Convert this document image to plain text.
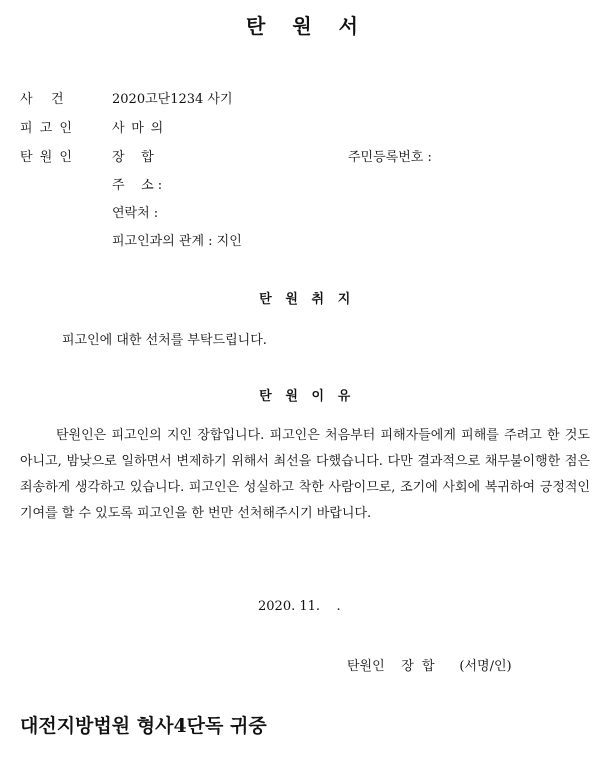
탄 원 서
사 건	2020고단1234 사기
피고인	사 마 의
탄원인	장    합	주민등록번호 :
주    소 :
연락처 :
피고인과의 관계 : 지인
탄 원 취 지
피고인에 대한 선처를 부탁드립니다.
탄 원 이 유
탄원인은 피고인의 지인 장합입니다. 피고인은 처음부터 피해자들에게 피해를 주려고 한 것도 아니고, 밤낮으로 일하면서 변제하기 위해서 최선을 다했습니다. 다만 결과적으로 채무불이행한 점은 죄송하게 생각하고 있습니다. 피고인은 성실하고 착한 사람이므로, 조기에 사회에 복귀하여 긍정적인 기여를 할 수 있도록 피고인을 한 번만 선처해주시기 바랍니다.
2020. 11.    .
탄원인    장  합      (서명/인)
대전지방법원 형사4단독 귀중
